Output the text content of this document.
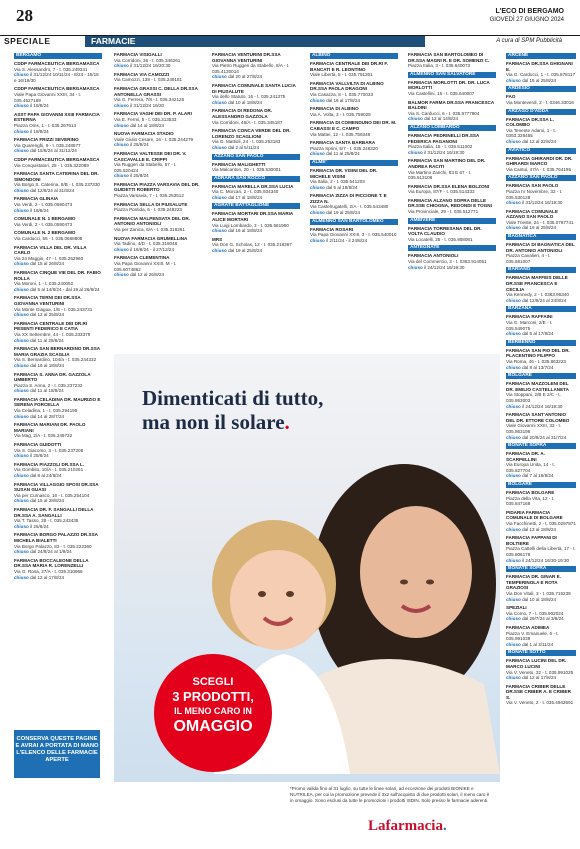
28	L'ECO DI BERGAMO
GIOVEDÌ 27 GIUGNO 2024
SPECIALE	FARMACIE	A cura di SPM Pubblicità
BERGAMO
CDDP FARMACEUTICA BERGAMASCA
Via S. Alessandro, 7 - t. 035.249331
chiuso il 31/12/24 10/11/24 - 8/24 - 15/16 e 16/19/30
CDDP FARMACEUTICA BERGAMASCA
Viale Papa Giovanni XXIII, 34 - t. 035.4527169
chiuso il 18/8/24
ASST PAPA GIOVANNI XXIII FARMACIA ESTERNA
Piazza Oms, 1 - t. 035.267613
chiuso il 18/8/24
FARMACIA FRIZZI SEVERINO
Via Quarenghi, 9 - t. 035.248577
chiuso dal 15/8/24 al 31/12/24
CDDP FARMACEUTICA BERGAMASCA
Via Conquistatori, 25 - t. 035.322089
FARMACIA SANTA CATERINA DEL DR. SIMONDONI
Via Borgo S. Caterina, 8/B - t. 035.237330
chiuso dal 12/8/24 al 31/8/24
FARMACIA GLINAIA
Via Verdi, 2 - t. 035.0590473
chiuso il 18/8/24
COMUNALE N. 1 BERGAMO
Via Verdi, 2 - t. 035.0590473
COMUNALE N. 2 BERGAMO
Via Carducci, 55 - t. 035.0668808
FARMACIA VILLA DEL DR. VILLA CARLO
Via 24 Maggio, 47 - t. 035.252960
chiuso dal 15 al 26/8/24
FARMACIA CINQUE VIE DEL DR. FABIO ROLLA
Via Moroni, 1 - t. 035.240052
chiuso dal 5 al 14/8/24 - dal 19 al 26/8/24
FARMACIA TERNI DEI DR.SSA GIOVANNA VENTURINI
Via Monte Giagua, 1/E - t. 035.243731
chiuso dal 12 al 25/8/24
FARMACIA CENTRALE DEI DR.RI PESENTI FEDERICO E CATIA
Via XX Settembre, 44 - t. 035.233379
chiuso dal 11 al 25/8/24
FARMACIA SAN BERNARDINO DR.SSA MARIA GRAZIA SCAGLIA
Via S. Bernardino, 104/a - t. 035.244332
chiuso dal 16 al 18/8/24
FARMACIA S. ANNA DR. GAZZOLA UMBERTO
Piazza S. Anna, 2 - t. 035.237232
chiuso dal 11 al 18/8/24
FARMACIA CELADINA DR. MAURIZIO E SERENA FORCELLA
Via Celadina, 1 - t. 035.294195
chiuso dal 14 al 28/7/24
FARMACIA MARIANI DR. PAOLO MARIANI
Via Mag, 2/A - t. 035.249732
FARMACIA GUIDOTTI
Via S. Giacomo, 3 - t. 035.237208
chiuso il 25/8/24
FARMACIA PIAZZOLI DR.SSA L.
Via Gombito, 10/A - t. 035.210261
chiuso dal 8 al 24/8/24
FARMACIA VILLAGGIO SPOSI DR.SSA SUSAN GUASI
Via per Curnasco, 16 - t. 035.254104
chiuso dal 15 al 28/8/24
FARMACIA DR. F. SANGALLI DELLA DR.SSA A. SANGALLI
Via T. Tasso, 28 - t. 035.243435
chiuso il 25/8/24
FARMACIA BORGO PALAZZO DR.SSA MICHELA BIALETTI
Via Borgo Palazzo, 83 - t. 035.222360
chiuso dal 24/8/24 al 1/9/24
FARMACIA BOCCALEONE DELLA DR.SSA MARIA R. LORENZELLI
Via G. Rosa, 27/A - t. 035.310966
chiuso dal 12 al 17/8/24
FARMACIA VISIGALLI
Via Corridoni, 36 - t. 035.346261
chiuso il 31/12/24 16/20:30
FARMACIA VIA CAMOZZI
Via Camozzi, 138 - t. 035.249181
FARMACIA GRASSI C. DELLA DR.SSA ANTONELLA GRASSI
Via G. Ferrera, 7/8 - t. 035.342125
chiuso il 31/12/24 16/20
FARMACIA VAGHI DEI DR. P. ALARI
Via E. Fermi, 5 - t. 035.313533
chiuso dal 14 al 18/8/24
NUOVA FARMACIA STADIO
Viale Giulio Cesare, 16 - t. 035.244279
chiuso il 25/8/24
FARMACIA VALTESSE DEI DR. V. CASCAVALLE E. CRIPPI
Via Ruggeri da Stabello, 57 - t. 035.520424
chiuso il 25/8/24
FARMACIA PIAZZA VARSAVIA DEL DR. GUIDETTI ROBERTO
Piazza Varsavia, 7 - t. 035.253512
FARMACIA SELLA DI PIUSALUTE
Piazza Pontida, 6 - t. 035.249223
FARMACIA MALPENSATA DEL DR. ANTONIO ANTONIOLI
Via per Zanica, 6/A - t. 035.318261
NUOVA FARMACIA GRUMELLINA
Via Tadino, 4/D - t. 035.318048
chiuso il 16/8/24 - il 27/12/24
FARMACIA CLEMENTINA
Via Papa Giovanni XXIII, M - t. 035.6074862
chiuso dal 12 al 26/8/24
FARMACIA VENTURINI DR.SSA GIOVANNA VENTURINI
Via Pietro Ruggeri da Stabello, 8/A - t. 035.4130014
chiuso dal 20 al 27/8/24
FARMACIA COMUNALE SANTA LUCIA DI PIUSALUTE
Via dello Statuto, 16 - t. 035.241375
chiuso dal 10 al 18/8/24
FARMACIA DI REDONA DR. ALESSANDRO GAZZOLA
Via Corridoni, 46/A - t. 035.345187
FARMACIA CONCA VERDE DEL DR. LORENZO SCAGLIONI
Via G. Mattioli, 24 - t. 035.253183
chiuso dal 2 al 5/11/24
AZZANO SAN PAOLO
FARMACIA MALIGHETTI
Via Malcanton, 20 - t. 035.530001
ADRARA SAN ROCCO
FARMACIA MARELLA DR.SSA LUCIA
Via C. Morcari, 2 - t. 035.934340
chiuso dal 17 al 18/8/24
AGRATE BATTAGLIONE
FARMACIA MORTARI DR.SSA MARIA ALICE MORTARI
Via Luigi Lombardo, 3 - t. 035.581960
chiuso dal 16 al 18/8/24
MRS
Via Don G. Scholas, 12 - t. 035.218367
chiuso dal 19 al 25/8/24
ALBINO
FARMACIA CENTRALE DEI DR.RI F. BANCATI E R. LEONTINO
Viale Libertà, 5 - t. 035.751201
FARMACIA VALLVILTA DI ALBINO DR.SSA PAOLA DRAGONI
Via Casazza, 8 - t. 035.770033
chiuso dal 16 al 17/8/24
FARMACIA DI ALBINO
Via A. Volta, 3 - t. 035.759029
FARMACIA DI COMENDUNO DEI DR. M. CABASSI E C. CAMPO
Via Mattei, 12 - t. 035.759349
FARMACIA SANTA BARBARA
Piazza Sprini, 5/7 - t. 035.246320
chiuso dal 11 al 25/8/24
ALME'
FARMACIA DR. VISINI DEL DR. MICHELE VISINI
Via Italia, 2 - t. 035.541203
chiuso dal 5 al 18/8/24
FARMACIA ZIZZA DI PICCIONE T. E ZIZZA N.
Via Castelrugatelli, 2/A - t. 035.543480
chiuso dal 19 al 25/8/24
ALMENNO SAN BARTOLOMEO
FARMACIA ROSARI
Via Papa Giovanni XXIII, 3 - t. 035.540010
chiuso il 2/11/24 - il 24/8/24
FARMACIA SAN BARTOLOMEO DI DR.SSA MAGNI R. E DR. SOMENZI C.
Piazza Italia, 3 - t. 035.640073
ALMENNO SAN SALVATORE
FARMACIA MORLOTTI DR. DR. LUCA MORLOTTI
Via Castellini, 15 - t. 035.640007
BALMOR FARMA DR.SSA FRANCESCA BALDINI
Via S. Carducci, 6 - t. 035.9777804
chiuso dal 12 al 14/8/24
ALZANO LOMBARDO
FARMACIA PEDRINELLI DR.SSA FEDERICA PAGANONI
Piazza Italia, 15 - t. 035.511002
chiuso il 31/12/24 16/19:30
FARMACIA SAN MARTINO DEL DR. ANDREA RACITI
Via Martino Zanchi, 63 E 67 - t. 035.513106
FARMACIA DR.SSA ELENA BOLZONI
Via Europa, 87/F - t. 035.514333
FARMACIA ALZANO SOPRA DELLE DR.SSE CHIOGNA, REDONDI E TOGNI
Via Provinciale, 29 - t. 035.512771
AMBIVERE
FARMACIA TORRESANA DEL DR. VOLTA CLAUDIO
Via Locatelli, 25 - t. 035.908081
ANTEGNATE
FARMACIA ANTONIOLI
Via del Commercio, 3 - t. 0363.914051
chiuso il 24/12/24 16/19:30
ARCENE
FARMACIA DR.SSA GHIGNANI E.
Via G. Carducci, 1 - t. 035.878117
chiuso dal 15 al 25/8/24
ARDESIO
FAO
Via Monteverdi, 2 - t. 0346.33016
ARZAGO D'ADDA
FARMACIA DR.SSA L. COLOMBO
Via Tenente Adami, 1 - t. 0363.326455
chiuso dal 12 al 22/8/24
AVIATICO
FARMACIA GHIRARDI DR. DR. GHIRARDI MARCO
Via Cantul, 47/A - t. 035.764195
AZZANO SAN PAOLO
FARMACIA SAN PAOLO
Piazza IV Novembre, 32 - t. 035.530128
chiuso il 31/12/24 16/19:30
FARMACIA COMUNALE AZZANO SAN PAOLO
Viale Trieste, 24 - t. 035.0787741
chiuso dal 19 al 25/8/24
BAGNATICA
FARMACIA DI BAGNATICA DEL DR. ANTONIO ANTONIOLI
Piazza Cavalieri, 4 - t. 035.681007
BARIANO
FARMACIA MAFFEIS DELLE DR.SSE FRANCESCA E CECILIA
Via Kennedy, 2 - t. 0363.95340
chiuso dal 12/8/24 al 24/8/24
BARZANA
FARMACIA RAFFAINI
Via G. Marconi, 2/E - t. 035.549075
chiuso dal 5 al 17/8/24
BERBENNO
FARMACIA SAN PIO DEL DR. PLACENTINO FILIPPO
Via Roma, 46 - t. 035.863223
chiuso dal 8 al 13/7/24
BOLGARE
FARMACIA MAZZOLENI DEL DR. EMILIO CASTELLANETA
Via Stoppani, 2/B E 2/C - t. 035.863003
chiuso il 24/12/24 16/19:30
FARMACIA SANT'ANTONIO DEL DR. ETTORE COLOMBO
Viale Giovanni XXIII, 33 - t. 035.863196
chiuso dal 20/8/24 al 31/7/24
BONATE SOPRA
FARMACIA DR. A. SCARPELLINI
Via Europa Unita, 14 - t. 035.827704
chiuso dal 7 al 16/8/24
BOLGARE
FARMACIA BOLGARE
Piazza della Vita, 12 - t. 035.847168
PIDARIA FARMACIA COMUNALE DI BOLGARE
Via Facchinetti, 2 - t. 035.0297871
chiuso dal 13 al 18/8/24
FARMACIA FAPPANI DI BOLTIERE
Piazza Cattelli della Libertà, 17 - t. 035.806179
chiuso il 24/12/24 16/30-19:30
BONATE SOPRA
FARMACIA DR. GINAR E. TEMPERINOLA E ROTA GRAZIOSI
Via Don Vitali, 3 - t. 035.715239
chiuso dal 10 al 18/8/24
SPEZIALI
Via Como, 7 - t. 035.902024
chiuso dal 29/7/24 al 3/8/24
FARMACIA ADIMEA
Piazza V. Emanuele, 6 - t. 035.991039
chiuso dal 1 al 3/11/24
BONATE SOTTO
FARMACIA LUCINI DEL DR. MARCO LUCINI
Via V. Veneto, 32 - t. 035.991025
chiuso dal 12 al 17/8/24
FARMACIA CRIBER DELLE DR.SSE CRIBER A. E CRIBER S.
Via V. Veneto, 2 - t. 035.4942691
CONSERVA QUESTE PAGINE E AVRAI A PORTATA DI MANO L'ELENCO DELLE FARMACIE APERTE
Dimenticati di tutto,
ma non il solare.
SCEGLI
3 PRODOTTI,
IL MENO CARO IN
OMAGGIO
*Promo valida fino al 31 luglio, su tutte le linee solari, ad eccezione dei prodotti BIONIKE e NUTRILEA, per cui la promozione prevede il 3x2 sull'acquisto di due prodotti solari, il meno caro è in omaggio. Sono esclusi da tutte le promozioni i prodotti ISDIN. Solo presso le farmacie aderenti.
Lafarmacia.
